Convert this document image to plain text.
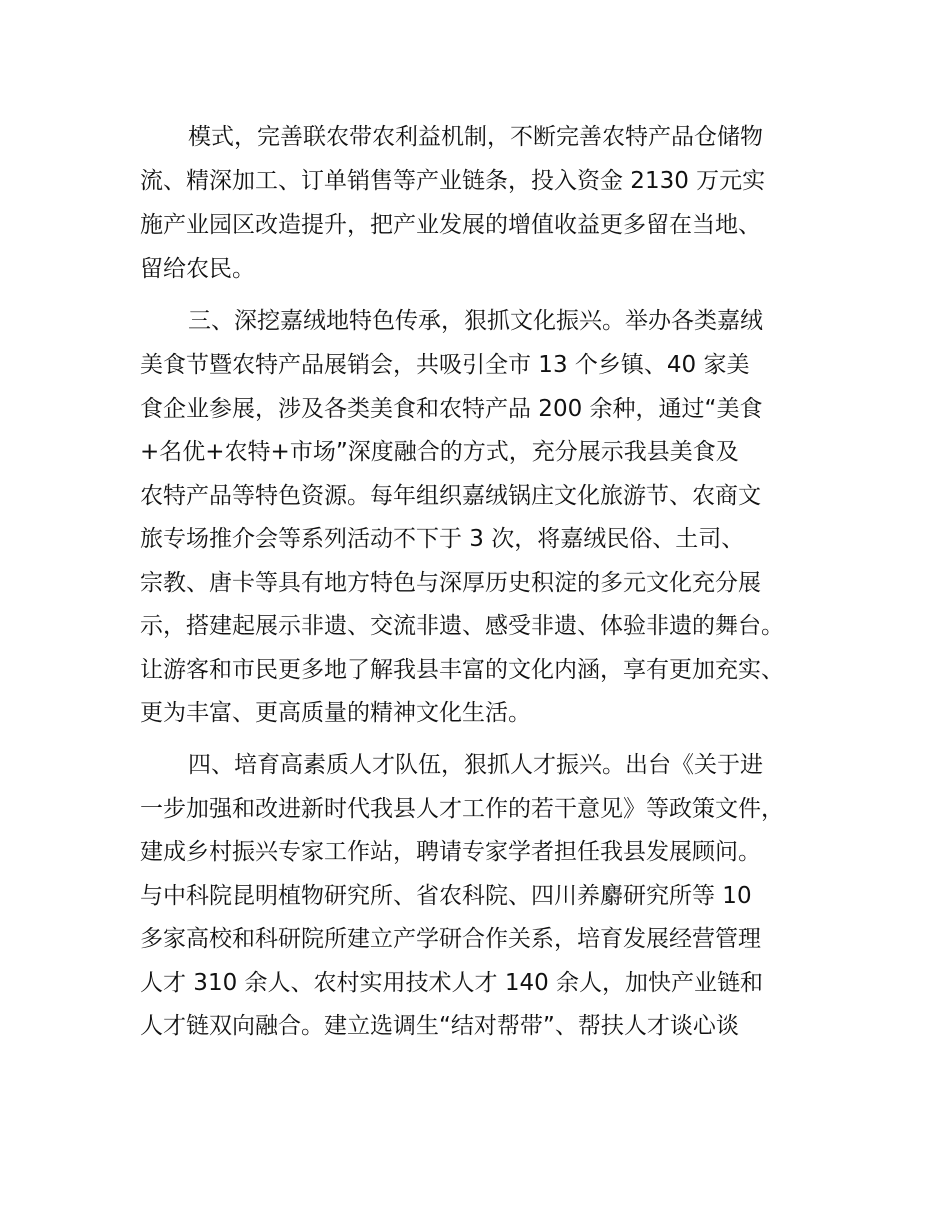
模式，完善联农带农利益机制，不断完善农特产品仓储物
流、精深加工、订单销售等产业链条，投入资金 2130 万元实
施产业园区改造提升，把产业发展的增值收益更多留在当地、
留给农民。
三、深挖嘉绒地特色传承，狠抓文化振兴。举办各类嘉绒
美食节暨农特产品展销会，共吸引全市 13 个乡镇、40 家美
食企业参展，涉及各类美食和农特产品 200 余种，通过“美食
+名优+农特+市场”深度融合的方式，充分展示我县美食及
农特产品等特色资源。每年组织嘉绒锅庄文化旅游节、农商文
旅专场推介会等系列活动不下于 3 次，将嘉绒民俗、土司、
宗教、唐卡等具有地方特色与深厚历史积淀的多元文化充分展
示，搭建起展示非遗、交流非遗、感受非遗、体验非遗的舞台。
让游客和市民更多地了解我县丰富的文化内涵，享有更加充实、
更为丰富、更高质量的精神文化生活。
四、培育高素质人才队伍，狠抓人才振兴。出台《关于进
一步加强和改进新时代我县人才工作的若干意见》等政策文件，
建成乡村振兴专家工作站，聘请专家学者担任我县发展顾问。
与中科院昆明植物研究所、省农科院、四川养麝研究所等 10
多家高校和科研院所建立产学研合作关系，培育发展经营管理
人才 310 余人、农村实用技术人才 140 余人，加快产业链和
人才链双向融合。建立选调生“结对帮带”、帮扶人才谈心谈
